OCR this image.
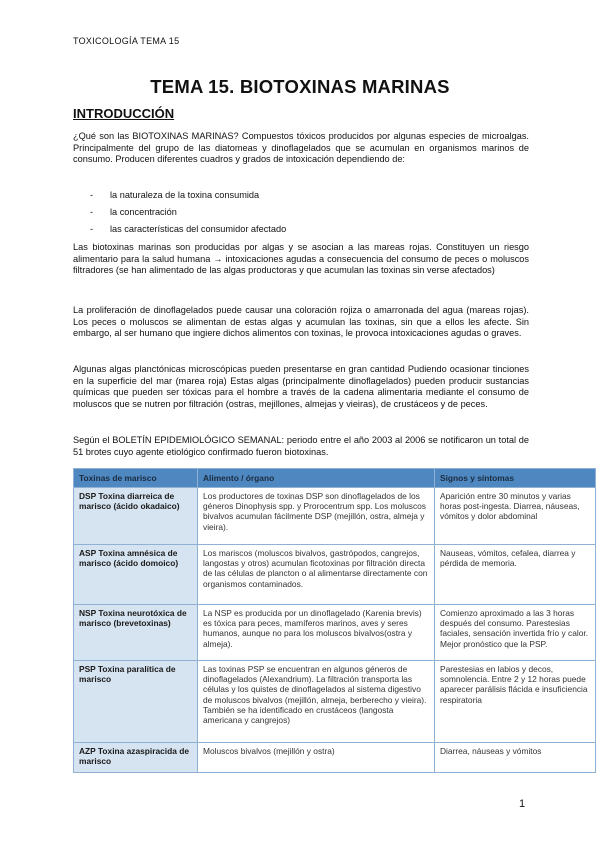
TOXICOLOGÍA TEMA 15
TEMA 15. BIOTOXINAS MARINAS
INTRODUCCIÓN

¿Qué son las BIOTOXINAS MARINAS? Compuestos tóxicos producidos por algunas especies de microalgas. Principalmente del grupo de las diatomeas y dinoflagelados que se acumulan en organismos marinos de consumo. Producen diferentes cuadros y grados de intoxicación dependiendo de:

- la naturaleza de la toxina consumida
- la concentración
- las características del consumidor afectado

Las biotoxinas marinas son producidas por algas y se asocian a las mareas rojas. Constituyen un riesgo alimentario para la salud humana → intoxicaciones agudas a consecuencia del consumo de peces o moluscos filtradores (se han alimentado de las algas productoras y que acumulan las toxinas sin verse afectados)

La proliferación de dinoflagelados puede causar una coloración rojiza o amarronada del agua (mareas rojas). Los peces o moluscos se alimentan de estas algas y acumulan las toxinas, sin que a ellos les afecte. Sin embargo, al ser humano que ingiere dichos alimentos con toxinas, le provoca intoxicaciones agudas o graves.

Algunas algas planctónicas microscópicas pueden presentarse en gran cantidad Pudiendo ocasionar tinciones en la superficie del mar (marea roja) Estas algas (principalmente dinoflagelados) pueden producir sustancias químicas que pueden ser tóxicas para el hombre a través de la cadena alimentaria mediante el consumo de moluscos que se nutren por filtración (ostras, mejillones, almejas y vieiras), de crustáceos y de peces.

Según el BOLETÍN EPIDEMIOLÓGICO SEMANAL: periodo entre el año 2003 al 2006 se notificaron un total de 51 brotes cuyo agente etiológico confirmado fueron biotoxinas.

Toxinas de marisco	Alimento / órgano	Signos y síntomas
DSP Toxina diarreica de marisco (ácido okadaico)	Los productores de toxinas DSP son dinoflagelados de los géneros Dinophysis spp. y Prorocentrum spp. Los moluscos bivalvos acumulan fácilmente DSP (mejillón, ostra, almeja y vieira).	Aparición entre 30 minutos y varias horas post-ingesta. Diarrea, náuseas, vómitos y dolor abdominal
ASP Toxina amnésica de marisco (ácido domoico)	Los mariscos (moluscos bivalvos, gastrópodos, cangrejos, langostas y otros) acumulan ficotoxinas por filtración directa de las células de plancton o al alimentarse directamente con organismos contaminados.	Nauseas, vómitos, cefalea, diarrea y pérdida de memoria.
NSP Toxina neurotóxica de marisco (brevetoxinas)	La NSP es producida por un dinoflagelado (Karenia brevis) es tóxica para peces, mamíferos marinos, aves y seres humanos, aunque no para los moluscos bivalvos(ostra y almeja).	Comienzo aproximado a las 3 horas después del consumo. Parestesias faciales, sensación invertida frío y calor. Mejor pronóstico que la PSP.
PSP Toxina paralítica de marisco	Las toxinas PSP se encuentran en algunos géneros de dinoflagelados (Alexandrium). La filtración transporta las células y los quistes de dinoflagelados al sistema digestivo de moluscos bivalvos (mejillón, almeja, berberecho y vieira). También se ha identificado en crustáceos (langosta americana y cangrejos)	Parestesias en labios y decos, somnolencia. Entre 2 y 12 horas puede aparecer parálisis flácida e insuficiencia respiratoria
AZP Toxina azaspiracida de marisco	Moluscos bivalvos (mejillón y ostra)	Diarrea, náuseas y vómitos
1
